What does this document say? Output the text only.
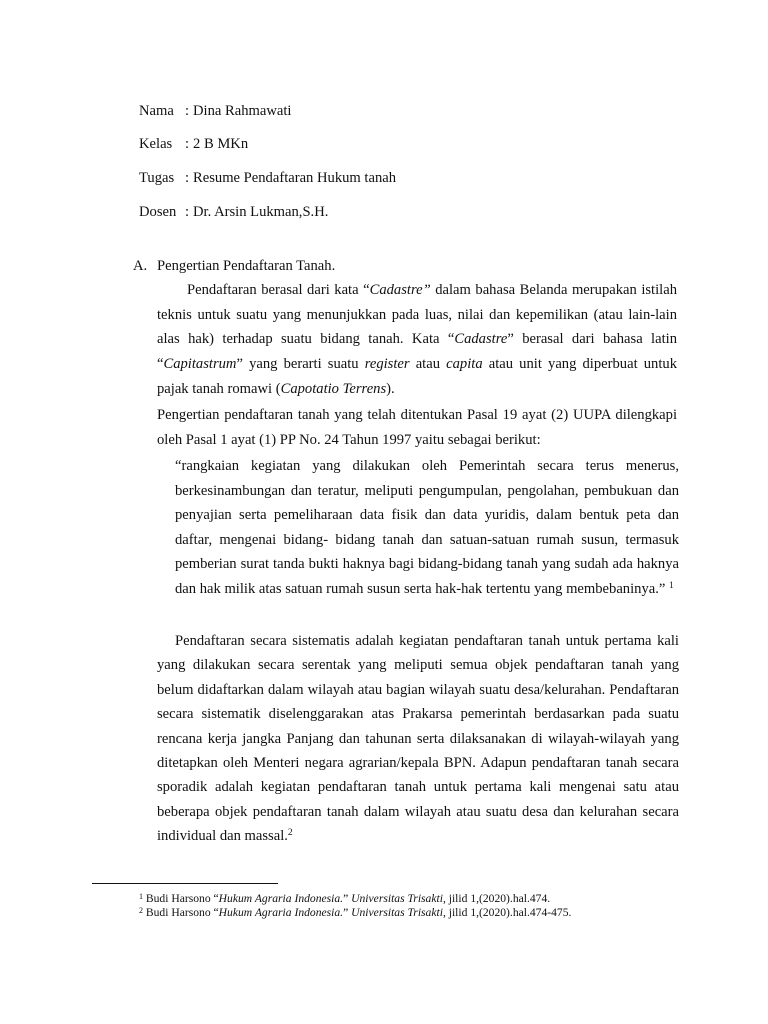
Nama : Dina Rahmawati
Kelas : 2 B MKn
Tugas : Resume Pendaftaran Hukum tanah
Dosen : Dr. Arsin Lukman,S.H.
A. Pengertian Pendaftaran Tanah.

Pendaftaran berasal dari kata “Cadastre” dalam bahasa Belanda merupakan istilah teknis untuk suatu yang menunjukkan pada luas, nilai dan kepemilikan (atau lain-lain alas hak) terhadap suatu bidang tanah. Kata “Cadastre” berasal dari bahasa latin “Capitastrum” yang berarti suatu register atau capita atau unit yang diperbuat untuk pajak tanah romawi (Capotatio Terrens).

Pengertian pendaftaran tanah yang telah ditentukan Pasal 19 ayat (2) UUPA dilengkapi oleh Pasal 1 ayat (1) PP No. 24 Tahun 1997 yaitu sebagai berikut:

“rangkaian kegiatan yang dilakukan oleh Pemerintah secara terus menerus, berkesinambungan dan teratur, meliputi pengumpulan, pengolahan, pembukuan dan penyajian serta pemeliharaan data fisik dan data yuridis, dalam bentuk peta dan daftar, mengenai bidang- bidang tanah dan satuan-satuan rumah susun, termasuk pemberian surat tanda bukti haknya bagi bidang-bidang tanah yang sudah ada haknya dan hak milik atas satuan rumah susun serta hak-hak tertentu yang membebaninya.” $^1$

Pendaftaran secara sistematis adalah kegiatan pendaftaran tanah untuk pertama kali yang dilakukan secara serentak yang meliputi semua objek pendaftaran tanah yang belum didaftarkan dalam wilayah atau bagian wilayah suatu desa/kelurahan. Pendaftaran secara sistematik diselenggarakan atas Prakarsa pemerintah berdasarkan pada suatu rencana kerja jangka Panjang dan tahunan serta dilaksanakan di wilayah-wilayah yang ditetapkan oleh Menteri negara agrarian/kepala BPN. Adapun pendaftaran tanah secara sporadik adalah kegiatan pendaftaran tanah untuk pertama kali mengenai satu atau beberapa objek pendaftaran tanah dalam wilayah atau suatu desa dan kelurahan secara individual dan massal.$^2$

$^1$ Budi Harsono “Hukum Agraria Indonesia.” Universitas Trisakti, jilid 1,(2020).hal.474.
$^2$ Budi Harsono “Hukum Agraria Indonesia.” Universitas Trisakti, jilid 1,(2020).hal.474-475.
